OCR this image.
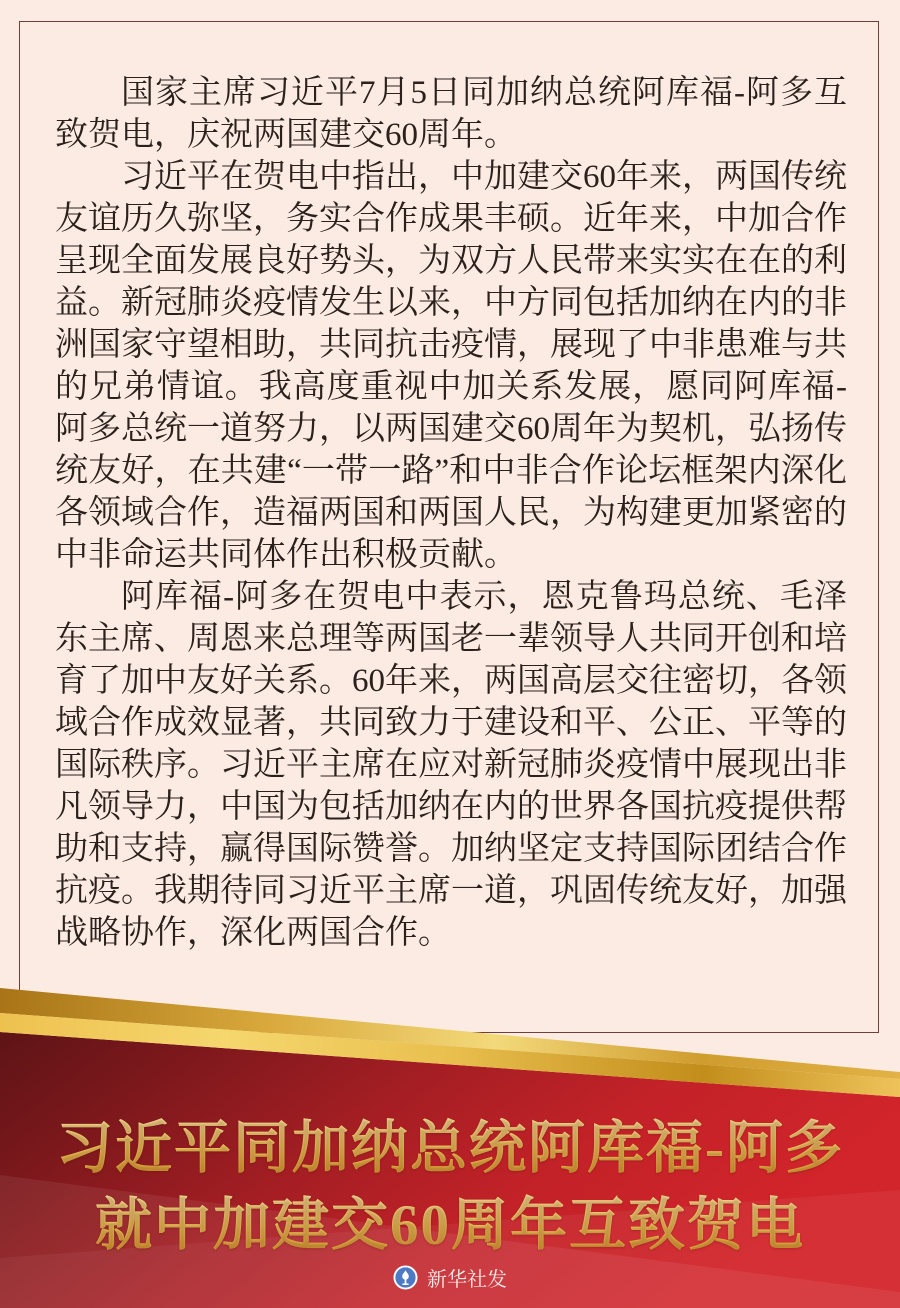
国家主席习近平7月5日同加纳总统阿库福-阿多互致贺电，庆祝两国建交60周年。

习近平在贺电中指出，中加建交60年来，两国传统友谊历久弥坚，务实合作成果丰硕。近年来，中加合作呈现全面发展良好势头，为双方人民带来实实在在的利益。新冠肺炎疫情发生以来，中方同包括加纳在内的非洲国家守望相助，共同抗击疫情，展现了中非患难与共的兄弟情谊。我高度重视中加关系发展，愿同阿库福-阿多总统一道努力，以两国建交60周年为契机，弘扬传统友好，在共建“一带一路”和中非合作论坛框架内深化各领域合作，造福两国和两国人民，为构建更加紧密的中非命运共同体作出积极贡献。

阿库福-阿多在贺电中表示，恩克鲁玛总统、毛泽东主席、周恩来总理等两国老一辈领导人共同开创和培育了加中友好关系。60年来，两国高层交往密切，各领域合作成效显著，共同致力于建设和平、公正、平等的国际秩序。习近平主席在应对新冠肺炎疫情中展现出非凡领导力，中国为包括加纳在内的世界各国抗疫提供帮助和支持，赢得国际赞誉。加纳坚定支持国际团结合作抗疫。我期待同习近平主席一道，巩固传统友好，加强战略协作，深化两国合作。

习近平同加纳总统阿库福-阿多
就中加建交60周年互致贺电
新华社发
